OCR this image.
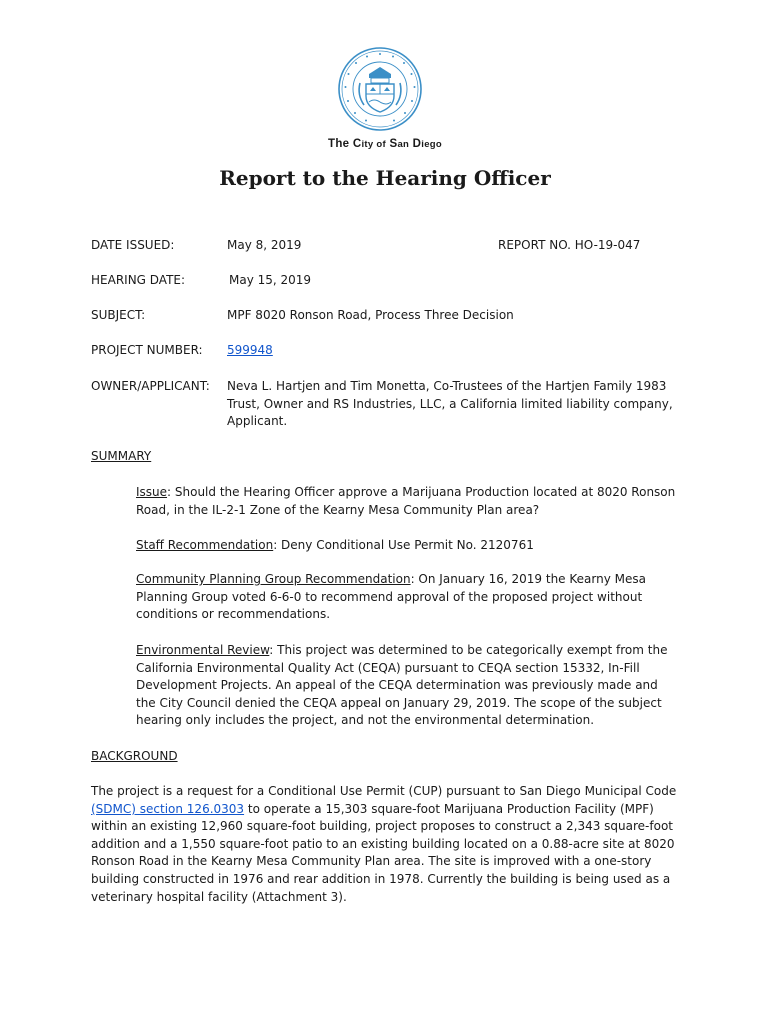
The City of San Diego
Report to the Hearing Officer
DATE ISSUED:	May 8, 2019	REPORT NO. HO-19-047
HEARING DATE:	May 15, 2019
SUBJECT:	MPF 8020 Ronson Road, Process Three Decision
PROJECT NUMBER: 599948
OWNER/APPLICANT: Neva L. Hartjen and Tim Monetta, Co-Trustees of the Hartjen Family 1983
Trust, Owner and RS Industries, LLC, a California limited liability company,
Applicant.
SUMMARY
Issue: Should the Hearing Officer approve a Marijuana Production located at 8020 Ronson Road, in the IL-2-1 Zone of the Kearny Mesa Community Plan area?
Staff Recommendation: Deny Conditional Use Permit No. 2120761
Community Planning Group Recommendation: On January 16, 2019 the Kearny Mesa Planning Group voted 6-6-0 to recommend approval of the proposed project without conditions or recommendations.
Environmental Review: This project was determined to be categorically exempt from the California Environmental Quality Act (CEQA) pursuant to CEQA section 15332, In-Fill Development Projects. An appeal of the CEQA determination was previously made and the City Council denied the CEQA appeal on January 29, 2019. The scope of the subject hearing only includes the project, and not the environmental determination.
BACKGROUND
The project is a request for a Conditional Use Permit (CUP) pursuant to San Diego Municipal Code (SDMC) section 126.0303 to operate a 15,303 square-foot Marijuana Production Facility (MPF) within an existing 12,960 square-foot building, project proposes to construct a 2,343 square-foot addition and a 1,550 square-foot patio to an existing building located on a 0.88-acre site at 8020 Ronson Road in the Kearny Mesa Community Plan area. The site is improved with a one-story building constructed in 1976 and rear addition in 1978. Currently the building is being used as a veterinary hospital facility (Attachment 3).
